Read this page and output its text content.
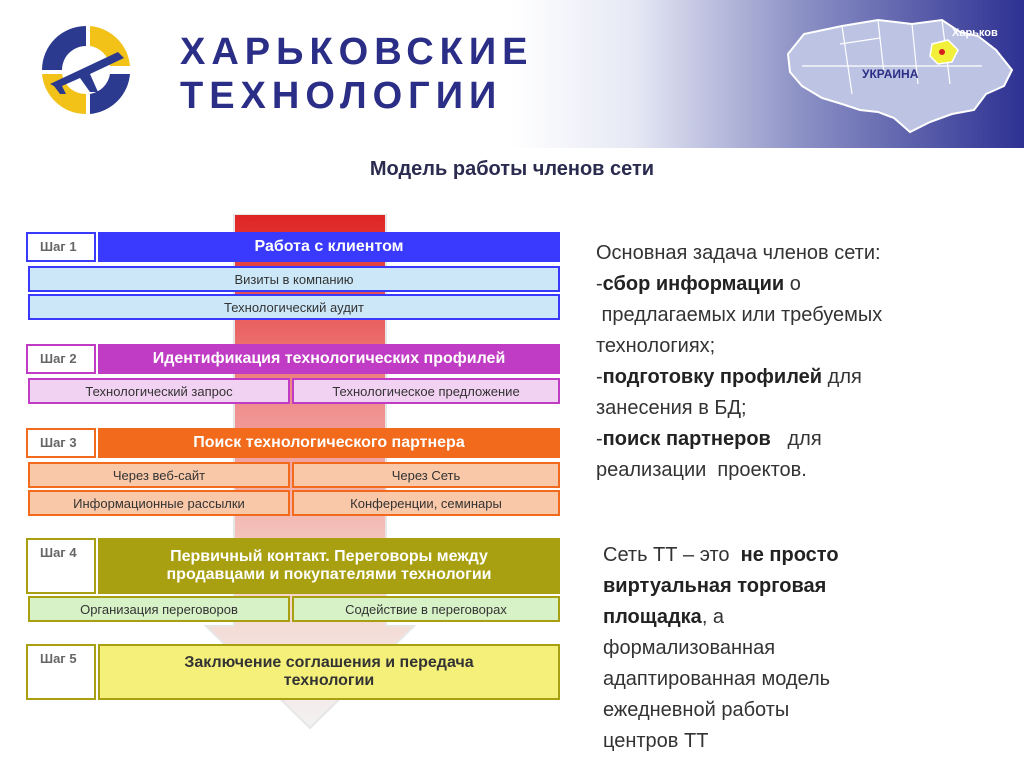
ХАРЬКОВСКИЕ
ТЕХНОЛОГИИ
Харьков
УКРАИНА
Модель работы членов сети
Шаг 1	Работа с клиентом
Визиты в компанию
Технологический аудит
Шаг 2	Идентификация технологических профилей
Технологический запрос	Технологическое предложение
Шаг 3	Поиск технологического партнера
Через веб-сайт	Через Сеть
Информационные рассылки	Конференции, семинары
Шаг 4	Первичный контакт. Переговоры между
продавцами и покупателями технологии
Организация переговоров	Содействие в переговорах
Шаг 5	Заключение соглашения и передача
технологии

Основная задача членов сети:

-сбор информации о

предлагаемых или требуемых

технологиях;

-подготовку профилей для

занесения в БД;

-поиск партнеров   для

реализации  проектов.

Сеть ТТ – это  не просто

виртуальная торговая

площадка, а

формализованная

адаптированная модель

ежедневной работы

центров ТТ
